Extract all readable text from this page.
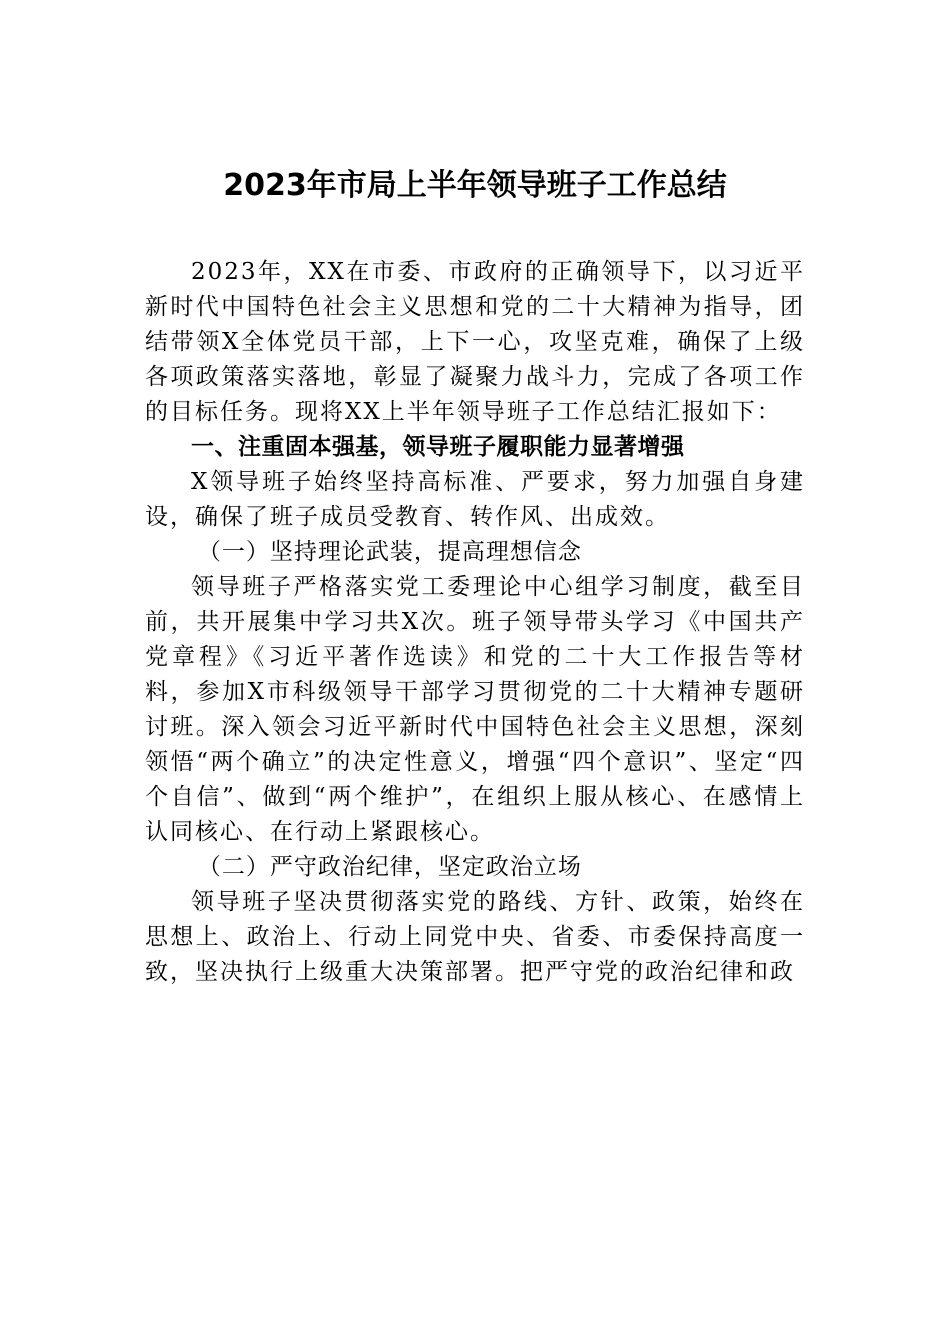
2023年市局上半年领导班子工作总结

2023年，XX在市委、市政府的正确领导下，以习近平新时代中国特色社会主义思想和党的二十大精神为指导，团结带领X全体党员干部，上下一心，攻坚克难，确保了上级各项政策落实落地，彰显了凝聚力战斗力，完成了各项工作的目标任务。现将XX上半年领导班子工作总结汇报如下：

一、注重固本强基，领导班子履职能力显著增强

X领导班子始终坚持高标准、严要求，努力加强自身建设，确保了班子成员受教育、转作风、出成效。

（一）坚持理论武装，提高理想信念

领导班子严格落实党工委理论中心组学习制度，截至目前，共开展集中学习共X次。班子领导带头学习《中国共产党章程》《习近平著作选读》和党的二十大工作报告等材料，参加X市科级领导干部学习贯彻党的二十大精神专题研讨班。深入领会习近平新时代中国特色社会主义思想，深刻领悟“两个确立”的决定性意义，增强“四个意识”、坚定“四个自信”、做到“两个维护”，在组织上服从核心、在感情上认同核心、在行动上紧跟核心。

（二）严守政治纪律，坚定政治立场

领导班子坚决贯彻落实党的路线、方针、政策，始终在思想上、政治上、行动上同党中央、省委、市委保持高度一致，坚决执行上级重大决策部署。把严守党的政治纪律和政
